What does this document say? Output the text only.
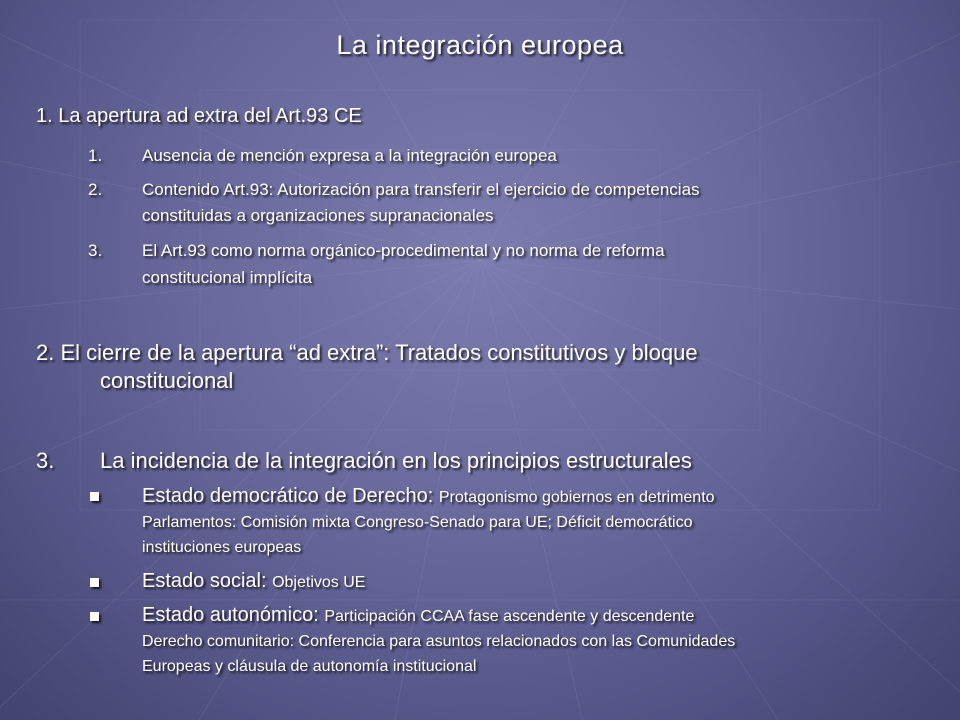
La integración europea
1. La apertura ad extra del Art.93 CE
1. Ausencia de mención expresa a la integración europea
2. Contenido Art.93: Autorización para transferir el ejercicio de competencias
constituidas a organizaciones supranacionales
3. El Art.93 como norma orgánico-procedimental y no norma de reforma
constitucional implícita
2. El cierre de la apertura “ad extra”: Tratados constitutivos y bloque
constitucional
3. La incidencia de la integración en los principios estructurales
Estado democrático de Derecho: Protagonismo gobiernos en detrimento
Parlamentos: Comisión mixta Congreso-Senado para UE; Déficit democrático
instituciones europeas
Estado social: Objetivos UE
Estado autonómico: Participación CCAA fase ascendente y descendente
Derecho comunitario: Conferencia para asuntos relacionados con las Comunidades
Europeas y cláusula de autonomía institucional
